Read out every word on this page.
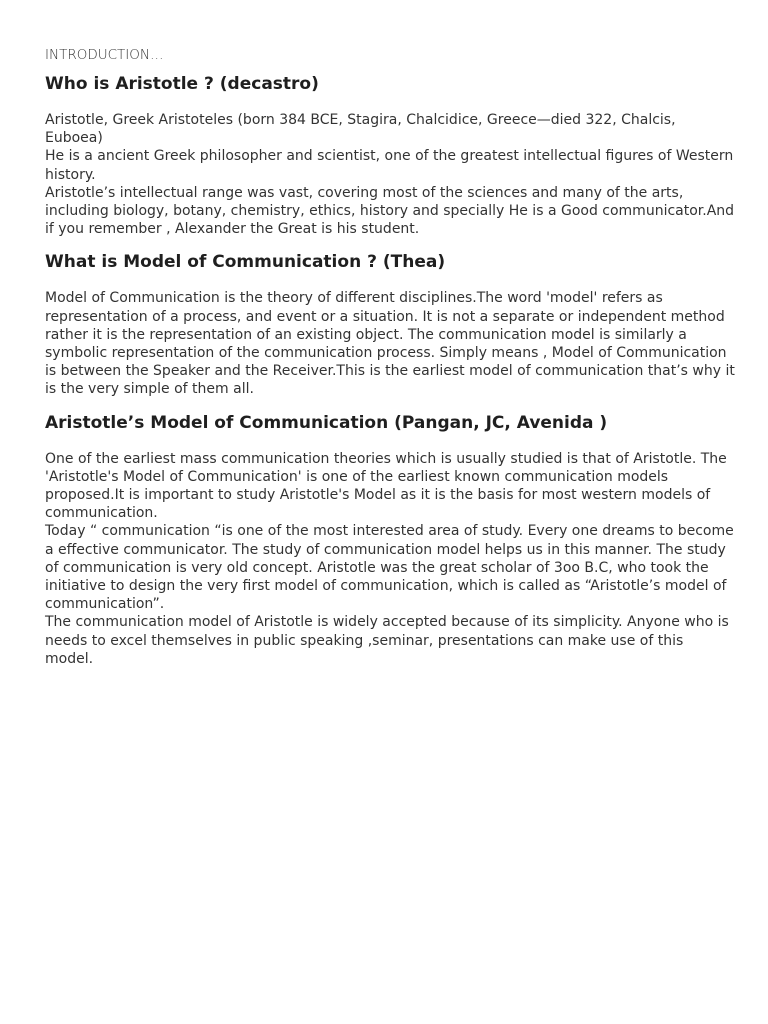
INTRODUCTION…

Who is Aristotle ? (decastro)

Aristotle, Greek Aristoteles (born 384 BCE, Stagira, Chalcidice, Greece—died 322, Chalcis, Euboea)

He is a ancient Greek philosopher and scientist, one of the greatest intellectual figures of Western history.

Aristotle’s intellectual range was vast, covering most of the sciences and many of the arts, including biology, botany, chemistry, ethics, history and specially He is a Good communicator.And if you remember , Alexander the Great is his student.

What is Model of Communication ? (Thea)

Model of Communication is the theory of different disciplines.The word 'model' refers as representation of a process, and event or a situation. It is not a separate or independent method rather it is the representation of an existing object. The communication model is similarly a symbolic representation of the communication process. Simply means , Model of Communication is between the Speaker and the Receiver.This is the earliest model of communication that’s why it is the very simple of them all.

Aristotle’s Model of Communication (Pangan, JC, Avenida )

One of the earliest mass communication theories which is usually studied is that of Aristotle. The 'Aristotle's Model of Communication' is one of the earliest known communication models proposed.It is important to study Aristotle's Model as it is the basis for most western models of communication.

Today “ communication “is one of the most interested area of study. Every one dreams to become a effective communicator. The study of communication model helps us in this manner. The study of communication is very old concept. Aristotle was the great scholar of 3oo B.C, who took the initiative to design the very first model of communication, which is called as “Aristotle’s model of communication”.

The communication model of Aristotle is widely accepted because of its simplicity. Anyone who is needs to excel themselves in public speaking ,seminar, presentations can make use of this model.
